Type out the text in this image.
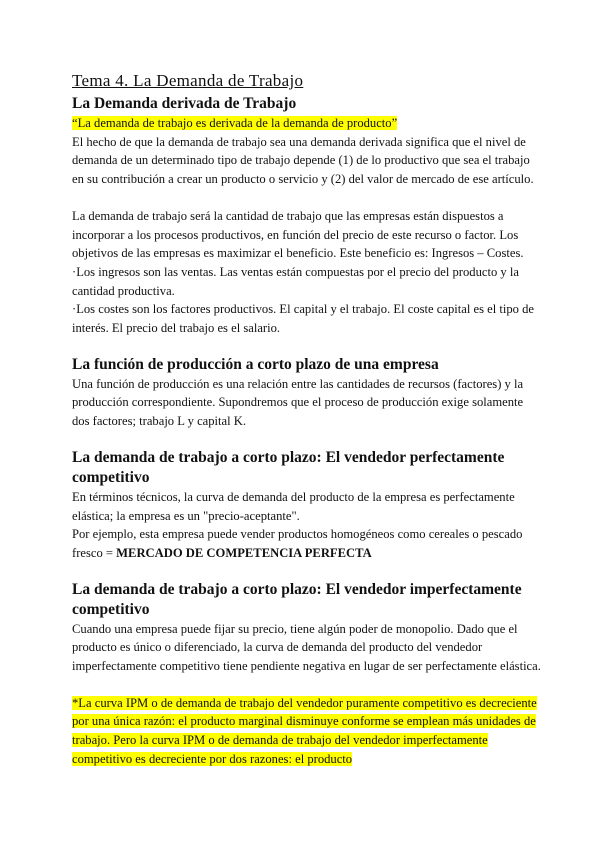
Tema 4. La Demanda de Trabajo
La Demanda derivada de Trabajo

“La demanda de trabajo es derivada de la demanda de producto”

El hecho de que la demanda de trabajo sea una demanda derivada significa que el nivel de demanda de un determinado tipo de trabajo depende (1) de lo productivo que sea el trabajo en su contribución a crear un producto o servicio y (2) del valor de mercado de ese artículo.

La demanda de trabajo será la cantidad de trabajo que las empresas están dispuestos a incorporar a los procesos productivos, en función del precio de este recurso o factor. Los objetivos de las empresas es maximizar el beneficio. Este beneficio es: Ingresos – Costes.

·Los ingresos son las ventas. Las ventas están compuestas por el precio del producto y la cantidad productiva.

·Los costes son los factores productivos. El capital y el trabajo. El coste capital es el tipo de interés. El precio del trabajo es el salario.

La función de producción a corto plazo de una empresa

Una función de producción es una relación entre las cantidades de recursos (factores) y la producción correspondiente. Supondremos que el proceso de producción exige solamente dos factores; trabajo L y capital K.

La demanda de trabajo a corto plazo: El vendedor perfectamente competitivo

En términos técnicos, la curva de demanda del producto de la empresa es perfectamente elástica; la empresa es un "precio-aceptante".

Por ejemplo, esta empresa puede vender productos homogéneos como cereales o pescado fresco = MERCADO DE COMPETENCIA PERFECTA

La demanda de trabajo a corto plazo: El vendedor imperfectamente competitivo

Cuando una empresa puede fijar su precio, tiene algún poder de monopolio. Dado que el producto es único o diferenciado, la curva de demanda del producto del vendedor imperfectamente competitivo tiene pendiente negativa en lugar de ser perfectamente elástica.

*La curva IPM o de demanda de trabajo del vendedor puramente competitivo es decreciente por una única razón: el producto marginal disminuye conforme se emplean más unidades de trabajo. Pero la curva IPM o de demanda de trabajo del vendedor imperfectamente competitivo es decreciente por dos razones: el producto
